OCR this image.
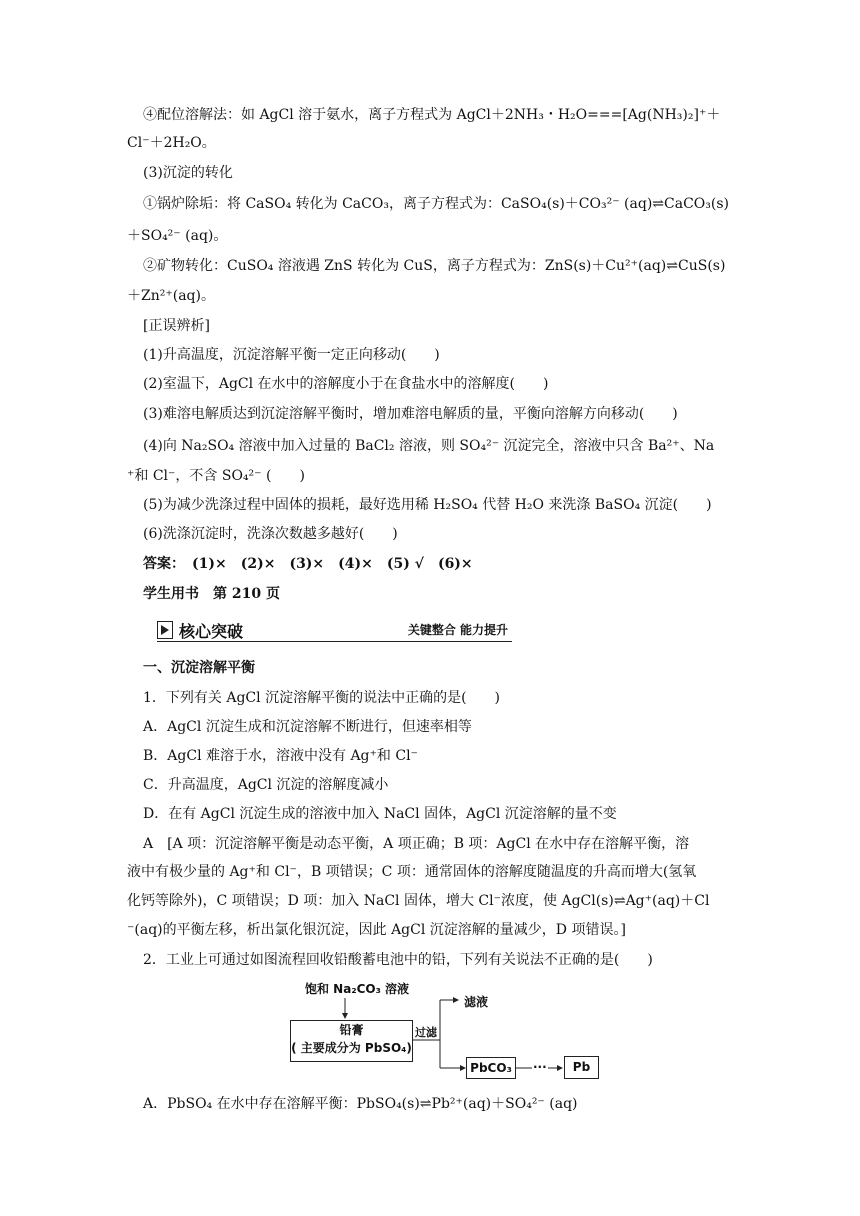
④配位溶解法：如 AgCl 溶于氨水，离子方程式为 AgCl＋2NH₃・H₂O===[Ag(NH₃)₂]⁺＋
Cl⁻＋2H₂O。
(3)沉淀的转化
①锅炉除垢：将 CaSO₄ 转化为 CaCO₃，离子方程式为：CaSO₄(s)＋CO₃²⁻ (aq)⇌CaCO₃(s)
＋SO₄²⁻ (aq)。
②矿物转化：CuSO₄ 溶液遇 ZnS 转化为 CuS，离子方程式为：ZnS(s)＋Cu²⁺(aq)⇌CuS(s)
＋Zn²⁺(aq)。
[正误辨析]
(1)升高温度，沉淀溶解平衡一定正向移动(　　)
(2)室温下，AgCl 在水中的溶解度小于在食盐水中的溶解度(　　)
(3)难溶电解质达到沉淀溶解平衡时，增加难溶电解质的量，平衡向溶解方向移动(　　)
(4)向 Na₂SO₄ 溶液中加入过量的 BaCl₂ 溶液，则 SO₄²⁻ 沉淀完全，溶液中只含 Ba²⁺、Na
⁺和 Cl⁻，不含 SO₄²⁻ (　　)
(5)为减少洗涤过程中固体的损耗，最好选用稀 H₂SO₄ 代替 H₂O 来洗涤 BaSO₄ 沉淀(　　)
(6)洗涤沉淀时，洗涤次数越多越好(　　)
答案：　(1)×　(2)×　(3)×　(4)×　(5) √　(6)×
学生用书　第 210 页
核心突破	关键整合 能力提升
一、沉淀溶解平衡
1．下列有关 AgCl 沉淀溶解平衡的说法中正确的是(　　)
A．AgCl 沉淀生成和沉淀溶解不断进行，但速率相等
B．AgCl 难溶于水，溶液中没有 Ag⁺和 Cl⁻
C．升高温度，AgCl 沉淀的溶解度减小
D．在有 AgCl 沉淀生成的溶液中加入 NaCl 固体，AgCl 沉淀溶解的量不变
A　[A 项：沉淀溶解平衡是动态平衡，A 项正确；B 项：AgCl 在水中存在溶解平衡，溶
液中有极少量的 Ag⁺和 Cl⁻，B 项错误；C 项：通常固体的溶解度随温度的升高而增大(氢氧
化钙等除外)，C 项错误；D 项：加入 NaCl 固体，增大 Cl⁻浓度，使 AgCl(s)⇌Ag⁺(aq)＋Cl
⁻(aq)的平衡左移，析出氯化银沉淀，因此 AgCl 沉淀溶解的量减少，D 项错误。]
2．工业上可通过如图流程回收铅酸蓄电池中的铅，下列有关说法不正确的是(　　)
饱和 Na₂CO₃ 溶液
铅膏
( 主要成分为 PbSO₄)
过滤
滤液
PbCO₃	···	Pb
A．PbSO₄ 在水中存在溶解平衡：PbSO₄(s)⇌Pb²⁺(aq)＋SO₄²⁻ (aq)
